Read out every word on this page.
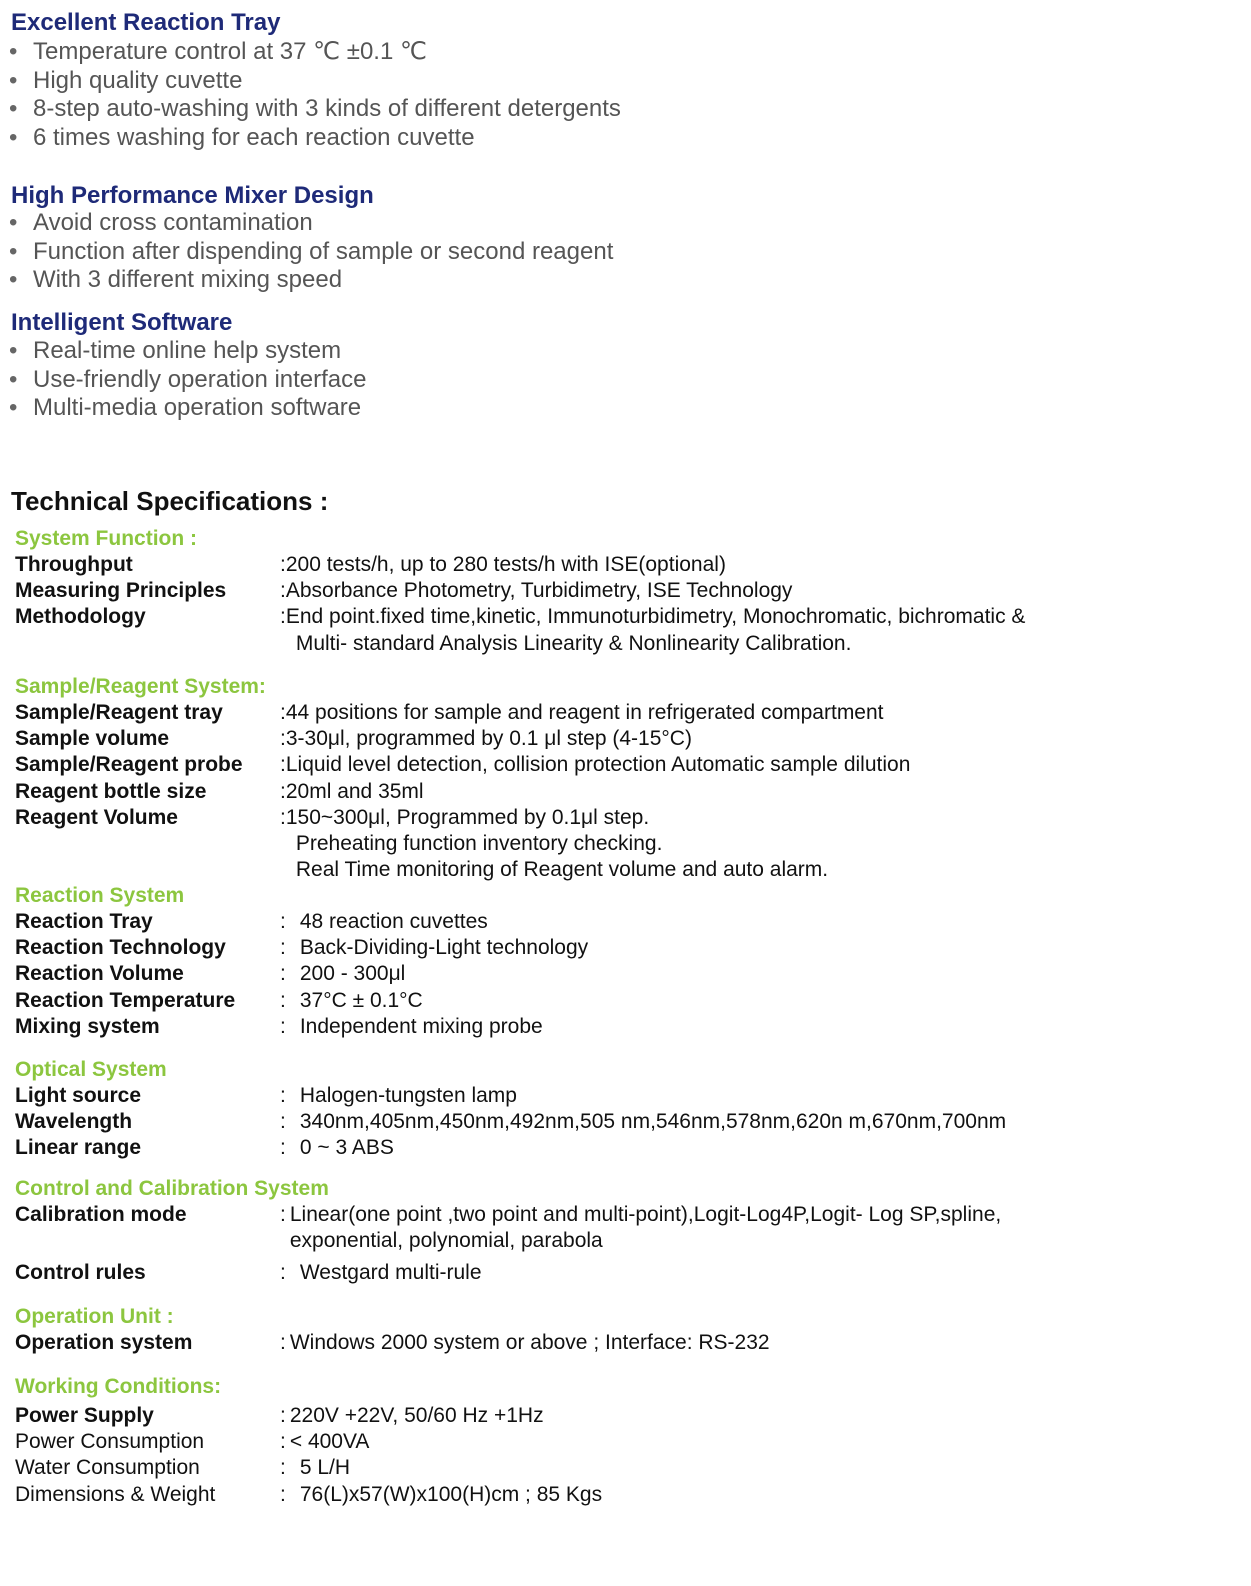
Excellent Reaction Tray
• Temperature control at 37 ℃ ±0.1 ℃
• High quality cuvette
• 8-step auto-washing with 3 kinds of different detergents
• 6 times washing for each reaction cuvette
High Performance Mixer Design
• Avoid cross contamination
• Function after dispending of sample or second reagent
• With 3 different mixing speed
Intelligent Software
• Real-time online help system
• Use-friendly operation interface
• Multi-media operation software
Technical Specifications :
System Function :
Throughput	: 200 tests/h, up to 280 tests/h with ISE(optional)
Measuring Principles	: Absorbance Photometry, Turbidimetry, ISE Technology
Methodology	: End point.fixed time,kinetic, Immunoturbidimetry, Monochromatic, bichromatic &
Multi- standard Analysis Linearity & Nonlinearity Calibration.
Sample/Reagent System:
Sample/Reagent tray	: 44 positions for sample and reagent in refrigerated compartment
Sample volume	: 3-30μl, programmed by 0.1 μl step (4-15°C)
Sample/Reagent probe	: Liquid level detection, collision protection Automatic sample dilution
Reagent bottle size	: 20ml and 35ml
Reagent Volume	: 150~300μl, Programmed by 0.1μl step.
Preheating function inventory checking.
Real Time monitoring of Reagent volume and auto alarm.
Reaction System
Reaction Tray	: 48 reaction cuvettes
Reaction Technology	: Back-Dividing-Light technology
Reaction Volume	: 200 - 300μl
Reaction Temperature	: 37°C ± 0.1°C
Mixing system	: Independent mixing probe
Optical System
Light source	: Halogen-tungsten lamp
Wavelength	: 340nm,405nm,450nm,492nm,505 nm,546nm,578nm,620n m,670nm,700nm
Linear range	: 0 ~ 3 ABS
Control and Calibration System
Calibration mode	: Linear(one point ,two point and multi-point),Logit-Log4P,Logit- Log SP,spline,
exponential, polynomial, parabola
Control rules	: Westgard multi-rule
Operation Unit :
Operation system	: Windows 2000 system or above ; Interface: RS-232
Working Conditions:
Power Supply	: 220V +22V, 50/60 Hz +1Hz
Power Consumption	: < 400VA
Water Consumption	: 5 L/H
Dimensions & Weight	: 76(L)x57(W)x100(H)cm ; 85 Kgs
